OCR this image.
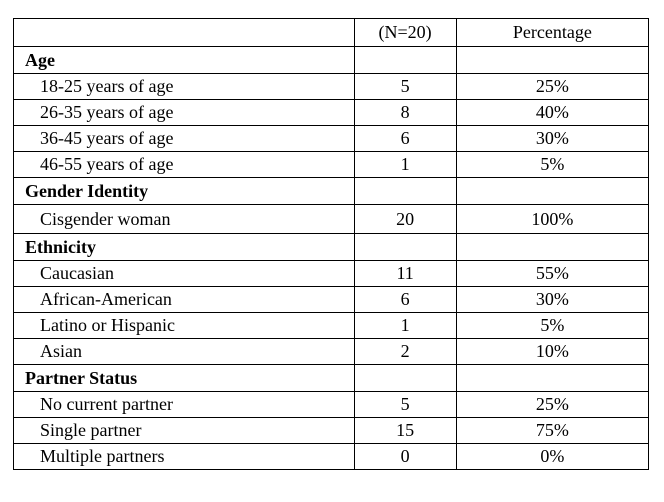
	(N=20)	Percentage
Age		
18-25 years of age	5	25%
26-35 years of age	8	40%
36-45 years of age	6	30%
46-55 years of age	1	5%
Gender Identity		
Cisgender woman	20	100%
Ethnicity		
Caucasian	11	55%
African-American	6	30%
Latino or Hispanic	1	5%
Asian	2	10%
Partner Status		
No current partner	5	25%
Single partner	15	75%
Multiple partners	0	0%
